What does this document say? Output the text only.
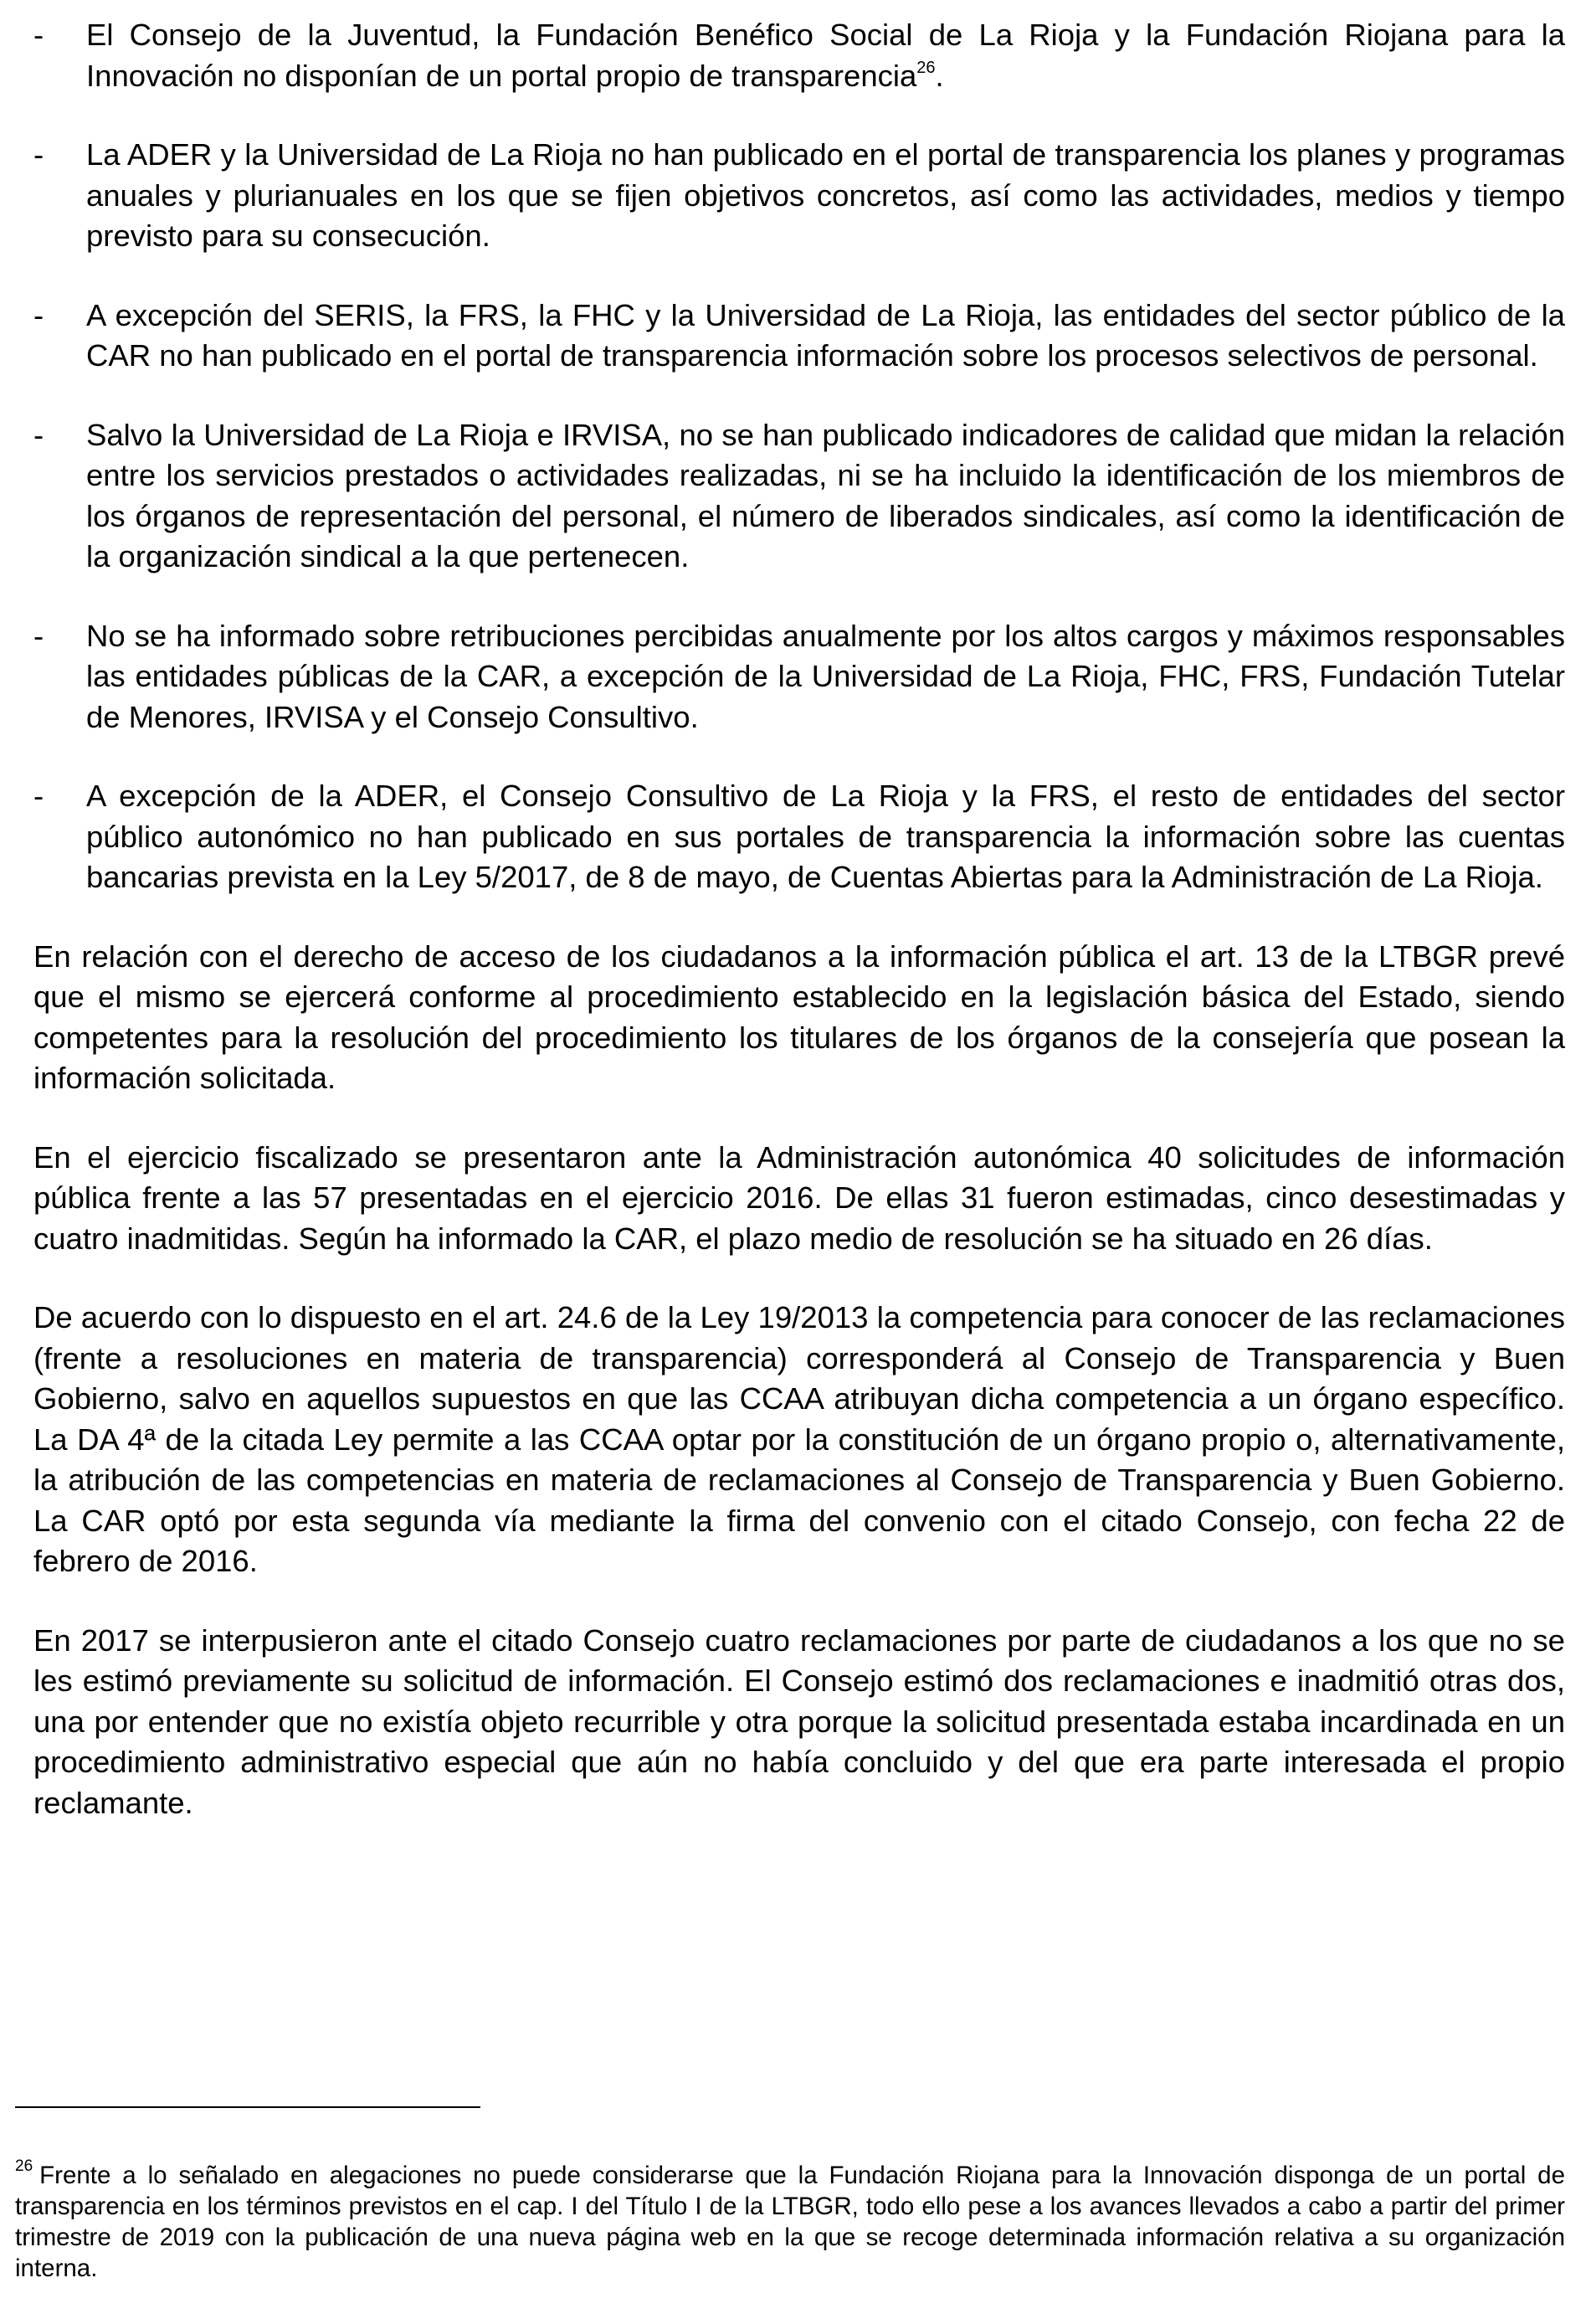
- El Consejo de la Juventud, la Fundación Benéfico Social de La Rioja y la Fundación Riojana para la Innovación no disponían de un portal propio de transparencia$^{26}$.
- La ADER y la Universidad de La Rioja no han publicado en el portal de transparencia los planes y programas anuales y plurianuales en los que se fijen objetivos concretos, así como las actividades, medios y tiempo previsto para su consecución.
- A excepción del SERIS, la FRS, la FHC y la Universidad de La Rioja, las entidades del sector público de la CAR no han publicado en el portal de transparencia información sobre los procesos selectivos de personal.
- Salvo la Universidad de La Rioja e IRVISA, no se han publicado indicadores de calidad que midan la relación entre los servicios prestados o actividades realizadas, ni se ha incluido la identificación de los miembros de los órganos de representación del personal, el número de liberados sindicales, así como la identificación de la organización sindical a la que pertenecen.
- No se ha informado sobre retribuciones percibidas anualmente por los altos cargos y máximos responsables las entidades públicas de la CAR, a excepción de la Universidad de La Rioja, FHC, FRS, Fundación Tutelar de Menores, IRVISA y el Consejo Consultivo.
- A excepción de la ADER, el Consejo Consultivo de La Rioja y la FRS, el resto de entidades del sector público autonómico no han publicado en sus portales de transparencia la información sobre las cuentas bancarias prevista en la Ley 5/2017, de 8 de mayo, de Cuentas Abiertas para la Administración de La Rioja.

En relación con el derecho de acceso de los ciudadanos a la información pública el art. 13 de la LTBGR prevé que el mismo se ejercerá conforme al procedimiento establecido en la legislación básica del Estado, siendo competentes para la resolución del procedimiento los titulares de los órganos de la consejería que posean la información solicitada.

En el ejercicio fiscalizado se presentaron ante la Administración autonómica 40 solicitudes de información pública frente a las 57 presentadas en el ejercicio 2016. De ellas 31 fueron estimadas, cinco desestimadas y cuatro inadmitidas. Según ha informado la CAR, el plazo medio de resolución se ha situado en 26 días.

De acuerdo con lo dispuesto en el art. 24.6 de la Ley 19/2013 la competencia para conocer de las reclamaciones (frente a resoluciones en materia de transparencia) corresponderá al Consejo de Transparencia y Buen Gobierno, salvo en aquellos supuestos en que las CCAA atribuyan dicha competencia a un órgano específico. La DA 4ª de la citada Ley permite a las CCAA optar por la constitución de un órgano propio o, alternativamente, la atribución de las competencias en materia de reclamaciones al Consejo de Transparencia y Buen Gobierno. La CAR optó por esta segunda vía mediante la firma del convenio con el citado Consejo, con fecha 22 de febrero de 2016.

En 2017 se interpusieron ante el citado Consejo cuatro reclamaciones por parte de ciudadanos a los que no se les estimó previamente su solicitud de información. El Consejo estimó dos reclamaciones e inadmitió otras dos, una por entender que no existía objeto recurrible y otra porque la solicitud presentada estaba incardinada en un procedimiento administrativo especial que aún no había concluido y del que era parte interesada el propio reclamante.

$^{26}$ Frente a lo señalado en alegaciones no puede considerarse que la Fundación Riojana para la Innovación disponga de un portal de transparencia en los términos previstos en el cap. I del Título I de la LTBGR, todo ello pese a los avances llevados a cabo a partir del primer trimestre de 2019 con la publicación de una nueva página web en la que se recoge determinada información relativa a su organización interna.
